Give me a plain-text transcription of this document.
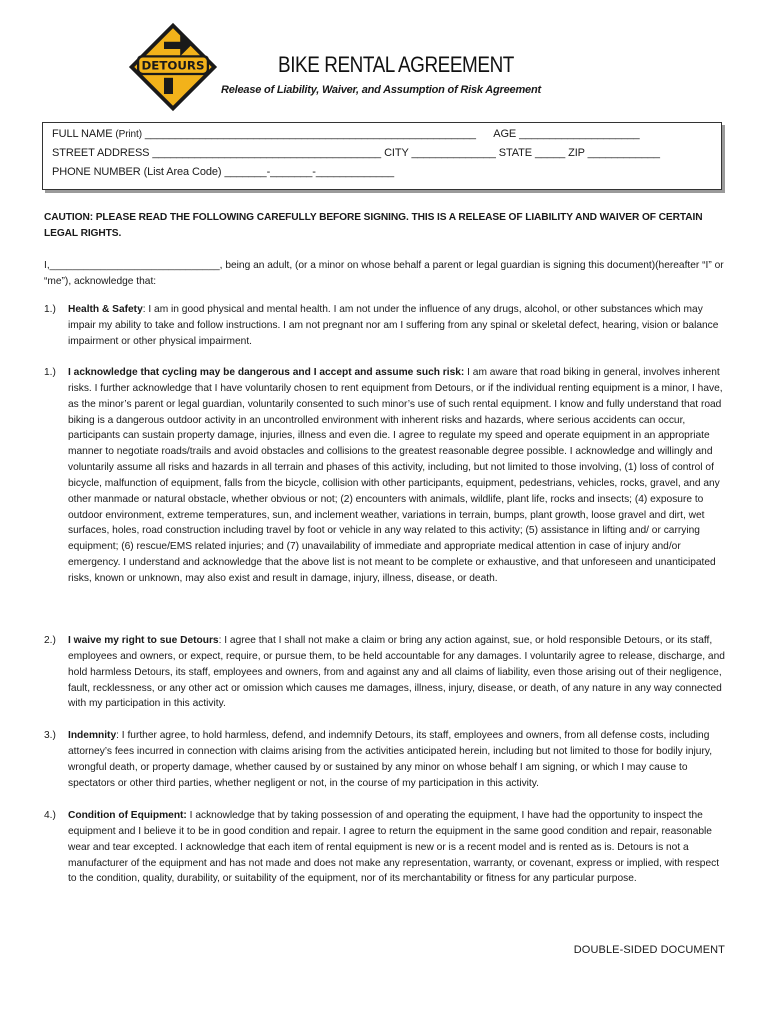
DETOURS	BIKE RENTAL AGREEMENT
Release of Liability, Waiver, and Assumption of Risk Agreement
FULL NAME (Print) _______________________________________________________ AGE ____________________
STREET ADDRESS ______________________________________ CITY ______________ STATE _____ ZIP ____________
PHONE NUMBER (List Area Code) _______-_______-_____________
CAUTION: PLEASE READ THE FOLLOWING CAREFULLY BEFORE SIGNING. THIS IS A RELEASE OF LIABILITY AND WAIVER OF CERTAIN LEGAL RIGHTS.
I,______________________________, being an adult, (or a minor on whose behalf a parent or legal guardian is signing this document)(hereafter “I” or “me”), acknowledge that:
1.) Health & Safety: I am in good physical and mental health. I am not under the influence of any drugs, alcohol, or other substances which may impair my ability to take and follow instructions. I am not pregnant nor am I suffering from any spinal or skeletal defect, hearing, vision or balance impairment or other physical impairment.
1.) I acknowledge that cycling may be dangerous and I accept and assume such risk: I am aware that road biking in general, involves inherent risks. I further acknowledge that I have voluntarily chosen to rent equipment from Detours, or if the individual renting equipment is a minor, I have, as the minor’s parent or legal guardian, voluntarily consented to such minor’s use of such rental equipment. I know and fully understand that road biking is a dangerous outdoor activity in an uncontrolled environment with inherent risks and hazards, where serious accidents can occur, participants can sustain property damage, injuries, illness and even die. I agree to regulate my speed and operate equipment in an appropriate manner to negotiate roads/trails and avoid obstacles and collisions to the greatest reasonable degree possible. I acknowledge and willingly and voluntarily assume all risks and hazards in all terrain and phases of this activity, including, but not limited to those involving, (1) loss of control of bicycle, malfunction of equipment, falls from the bicycle, collision with other participants, equipment, pedestrians, vehicles, rocks, gravel, and any other manmade or natural obstacle, whether obvious or not; (2) encounters with animals, wildlife, plant life, rocks and insects; (4) exposure to outdoor environment, extreme temperatures, sun, and inclement weather, variations in terrain, bumps, plant growth, loose gravel and dirt, wet surfaces, holes, road construction including travel by foot or vehicle in any way related to this activity; (5) assistance in lifting and/ or carrying equipment; (6) rescue/EMS related injuries; and (7) unavailability of immediate and appropriate medical attention in case of injury and/or emergency. I understand and acknowledge that the above list is not meant to be complete or exhaustive, and that unforeseen and unanticipated risks, known or unknown, may also exist and result in damage, injury, illness, disease, or death.
2.) I waive my right to sue Detours: I agree that I shall not make a claim or bring any action against, sue, or hold responsible Detours, or its staff, employees and owners, or expect, require, or pursue them, to be held accountable for any damages. I voluntarily agree to release, discharge, and hold harmless Detours, its staff, employees and owners, from and against any and all claims of liability, even those arising out of their negligence, fault, recklessness, or any other act or omission which causes me damages, illness, injury, disease, or death, of any nature in any way connected with my participation in this activity.
3.) Indemnity: I further agree, to hold harmless, defend, and indemnify Detours, its staff, employees and owners, from all defense costs, including attorney’s fees incurred in connection with claims arising from the activities anticipated herein, including but not limited to those for bodily injury, wrongful death, or property damage, whether caused by or sustained by any minor on whose behalf I am signing, or which I may cause to spectators or other third parties, whether negligent or not, in the course of my participation in this activity.
4.) Condition of Equipment: I acknowledge that by taking possession of and operating the equipment, I have had the opportunity to inspect the equipment and I believe it to be in good condition and repair. I agree to return the equipment in the same good condition and repair, reasonable wear and tear excepted. I acknowledge that each item of rental equipment is new or is a recent model and is rented as is. Detours is not a manufacturer of the equipment and has not made and does not make any representation, warranty, or covenant, express or implied, with respect to the condition, quality, durability, or suitability of the equipment, nor of its merchantability or fitness for any particular purpose.
DOUBLE-SIDED DOCUMENT
